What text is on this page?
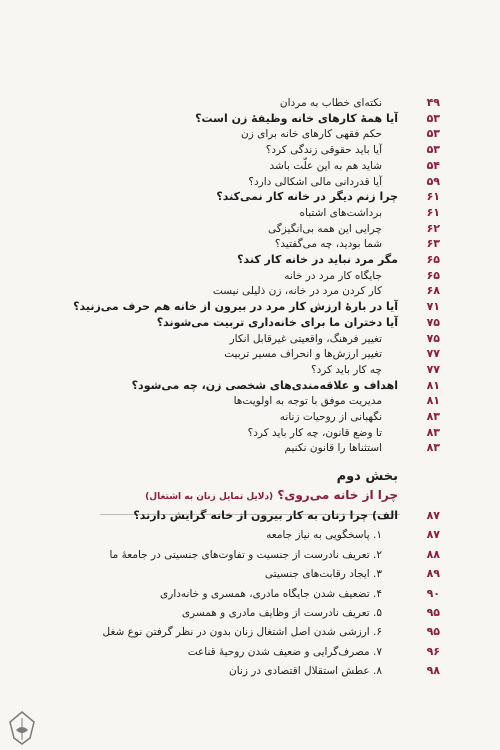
۴۹
نکته‌ای خطاب به مردان
۵۳
آیا همهٔ کارهای خانه وظیفهٔ زن است؟
۵۳
حکم فقهی کارهای خانه برای زن
۵۳
آیا باید حقوقی زندگی کرد؟
۵۴
شاید هم به این علّت باشد
۵۹
آیا قدردانی مالی اشکالی دارد؟
۶۱
چرا زنم دیگر در خانه کار نمی‌کند؟
۶۱
برداشت‌های اشتباه
۶۲
چرایی این همه بی‌انگیزگی
۶۳
شما بودید، چه می‌گفتید؟
۶۵
مگر مرد نباید در خانه کار کند؟
۶۵
جایگاه کار مرد در خانه
۶۸
کار کردن مرد در خانه، زن ذلیلی نیست
۷۱
آیا در بارهٔ ارزش کار مرد در بیرون از خانه هم حرف می‌زنید؟
۷۵
آیا دختران ما برای خانه‌داری تربیت می‌شوند؟
۷۵
تغییر فرهنگ، واقعیتی غیرقابل انکار
۷۷
تغییر ارزش‌ها و انحراف مسیر تربیت
۷۷
چه کار باید کرد؟
۸۱
اهداف و علاقه‌مندی‌های شخصی زن، چه می‌شود؟
۸۱
مدیریت موفق با توجه به اولویت‌ها
۸۳
نگهبانی از روحیات زنانه
۸۳
تا وضع قانون، چه کار باید کرد؟
۸۳
استثناها را قانون نکنیم
بخش دوم
چرا از خانه می‌روی؟ (دلایل تمایل زنان به اشتغال)
۸۷
الف) چرا زنان به کار بیرون از خانه گرایش دارند؟
۸۷
۱. پاسخگویی به نیاز جامعه
۸۸
۲. تعریف نادرست از جنسیت و تفاوت‌های جنسیتی در جامعهٔ ما
۸۹
۳. ایجاد رقابت‌های جنسیتی
۹۰
۴. تضعیف شدن جایگاه مادری، همسری و خانه‌داری
۹۵
۵. تعریف نادرست از وظایف مادری و همسری
۹۵
۶. ارزشی شدن اصل اشتغال زنان بدون در نظر گرفتن نوع شغل
۹۶
۷. مصرف‌گرایی و ضعیف شدن روحیهٔ قناعت
۹۸
۸. عطش استقلال اقتصادی در زنان
